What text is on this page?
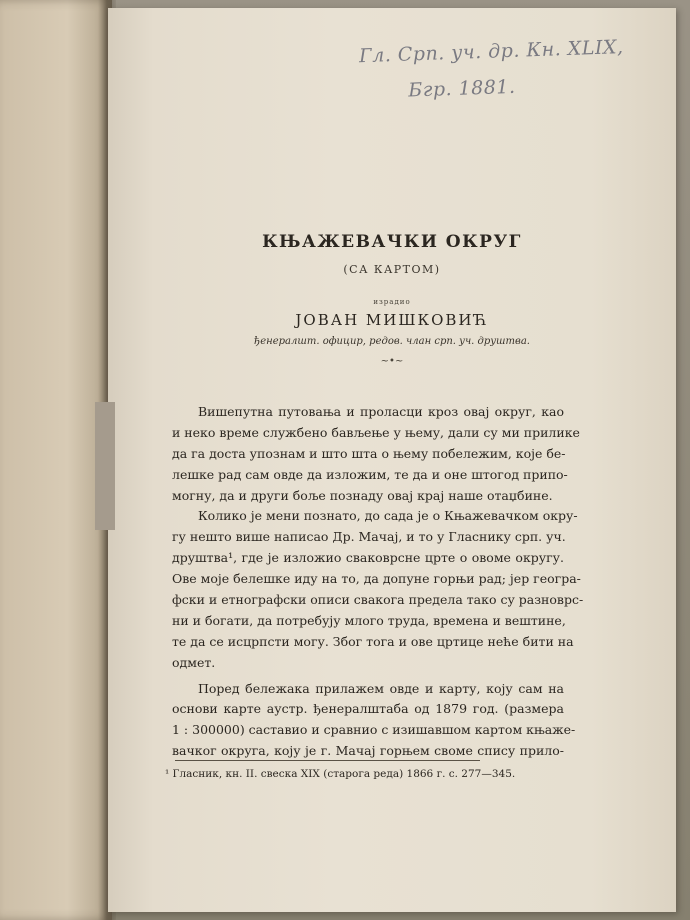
Гл. Срп. уч. др. Кн. XLIX,
Бгр. 1881.
КЊАЖЕВАЧКИ ОКРУГ
(СА КАРТОМ)
израдио
ЈОВАН МИШКОВИЋ
ђенералшт. официр, редов. члан срп. уч. друштва.
~•~
Вишепутна путовања и проласци кроз овај округ, као
и неко време службено бављење у њему, дали су ми прилике
да га доста упознам и што шта о њему побележим, које бе-
лешке рад сам овде да изложим, те да и оне штогод припо-
могну, да и други боље познаду овај крај наше отаџбине.
Колико је мени познато, до сада је о Књажевачком окру-
гу нешто више написао Др. Мачај, и то у Гласнику срп. уч.
друштва¹, где је изложио сваковрсне црте о овоме округу.
Ове моје белешке иду на то, да допуне горњи рад; јер геогра-
фски и етнографски описи свакога предела тако су разноврс-
ни и богати, да потребују млого труда, времена и вештине,
те да се исцрпсти могу. Због тога и ове цртице неће бити на
одмет.
Поред бележака прилажем овде и карту, коју сам на
основи карте аустр. ђенералштаба од 1879 год. (размера
1 : 300000) саставио и сравнио с изишавшом картом књаже-
вачког округа, коју је г. Мачај горњем своме спису прило-
¹ Гласник, кн. II. свеска XIX (старога реда) 1866 г. с. 277—345.
